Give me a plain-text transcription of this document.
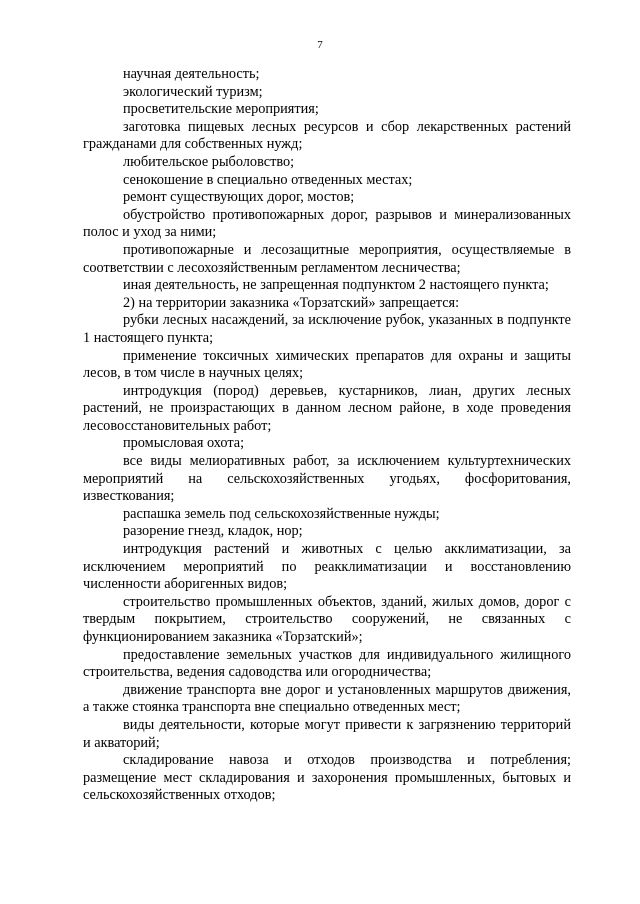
7

научная деятельность;

экологический туризм;

просветительские мероприятия;

заготовка пищевых лесных ресурсов и сбор лекарственных растений гражданами для собственных нужд;

любительское рыболовство;

сенокошение в специально отведенных местах;

ремонт существующих дорог, мостов;

обустройство противопожарных дорог, разрывов и минерализованных полос и уход за ними;

противопожарные и лесозащитные мероприятия, осуществляемые в соответствии с лесохозяйственным регламентом лесничества;

иная деятельность, не запрещенная подпунктом 2 настоящего пункта;

2) на территории заказника «Торзатский» запрещается:

рубки лесных насаждений, за исключение рубок, указанных в подпункте 1 настоящего пункта;

применение токсичных химических препаратов для охраны и защиты лесов, в том числе в научных целях;

интродукция (пород) деревьев, кустарников, лиан, других лесных растений, не произрастающих в данном лесном районе, в ходе проведения лесовосстановительных работ;

промысловая охота;

все виды мелиоративных работ, за исключением культуртехнических мероприятий на сельскохозяйственных угодьях, фосфоритования, известкования;

распашка земель под сельскохозяйственные нужды;

разорение гнезд, кладок, нор;

интродукция растений и животных с целью акклиматизации, за исключением мероприятий по реакклиматизации и восстановлению численности аборигенных видов;

строительство промышленных объектов, зданий, жилых домов, дорог с твердым покрытием, строительство сооружений, не связанных с функционированием заказника «Торзатский»;

предоставление земельных участков для индивидуального жилищного строительства, ведения садоводства или огородничества;

движение транспорта вне дорог и установленных маршрутов движения, а также стоянка транспорта вне специально отведенных мест;

виды деятельности, которые могут привести к загрязнению территорий и акваторий;

складирование навоза и отходов производства и потребления; размещение мест складирования и захоронения промышленных, бытовых и сельскохозяйственных отходов;
